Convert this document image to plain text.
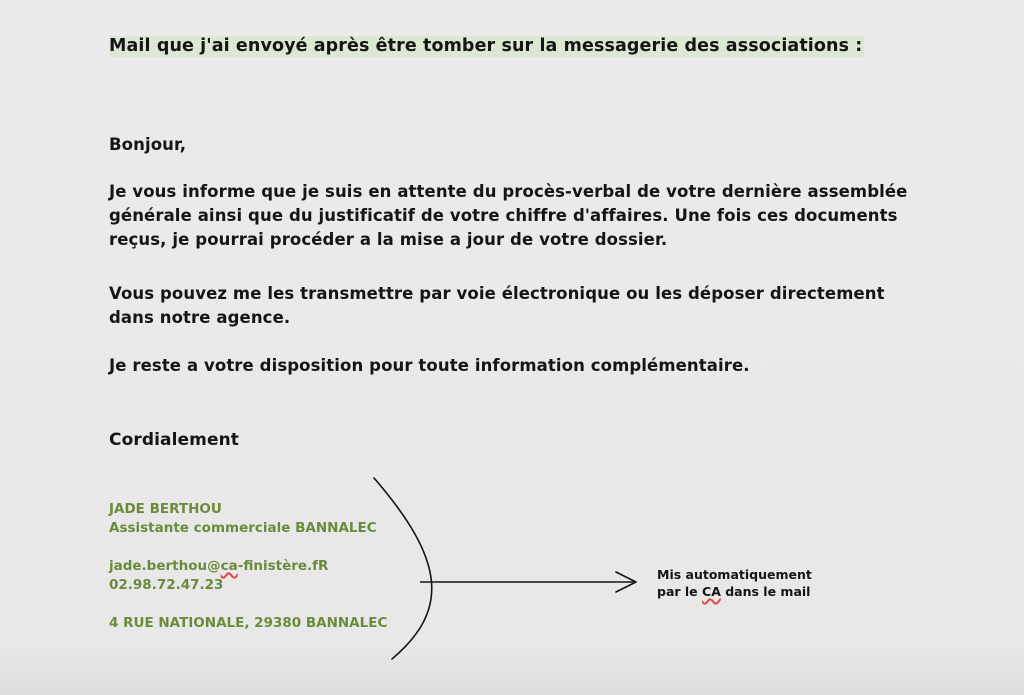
Mail que j'ai envoyé après être tomber sur la messagerie des associations :
Bonjour,
Je vous informe que je suis en attente du procès-verbal de votre dernière assemblée générale ainsi que du justificatif de votre chiffre d'affaires. Une fois ces documents reçus, je pourrai procéder a la mise a jour de votre dossier.
Vous pouvez me les transmettre par voie électronique ou les déposer directement dans notre agence.
Je reste a votre disposition pour toute information complémentaire.
Cordialement
JADE BERTHOU
Assistante commerciale BANNALEC
jade.berthou@ca-finistère.fR
02.98.72.47.23
4 RUE NATIONALE, 29380 BANNALEC
Mis automatiquement
par le CA dans le mail
